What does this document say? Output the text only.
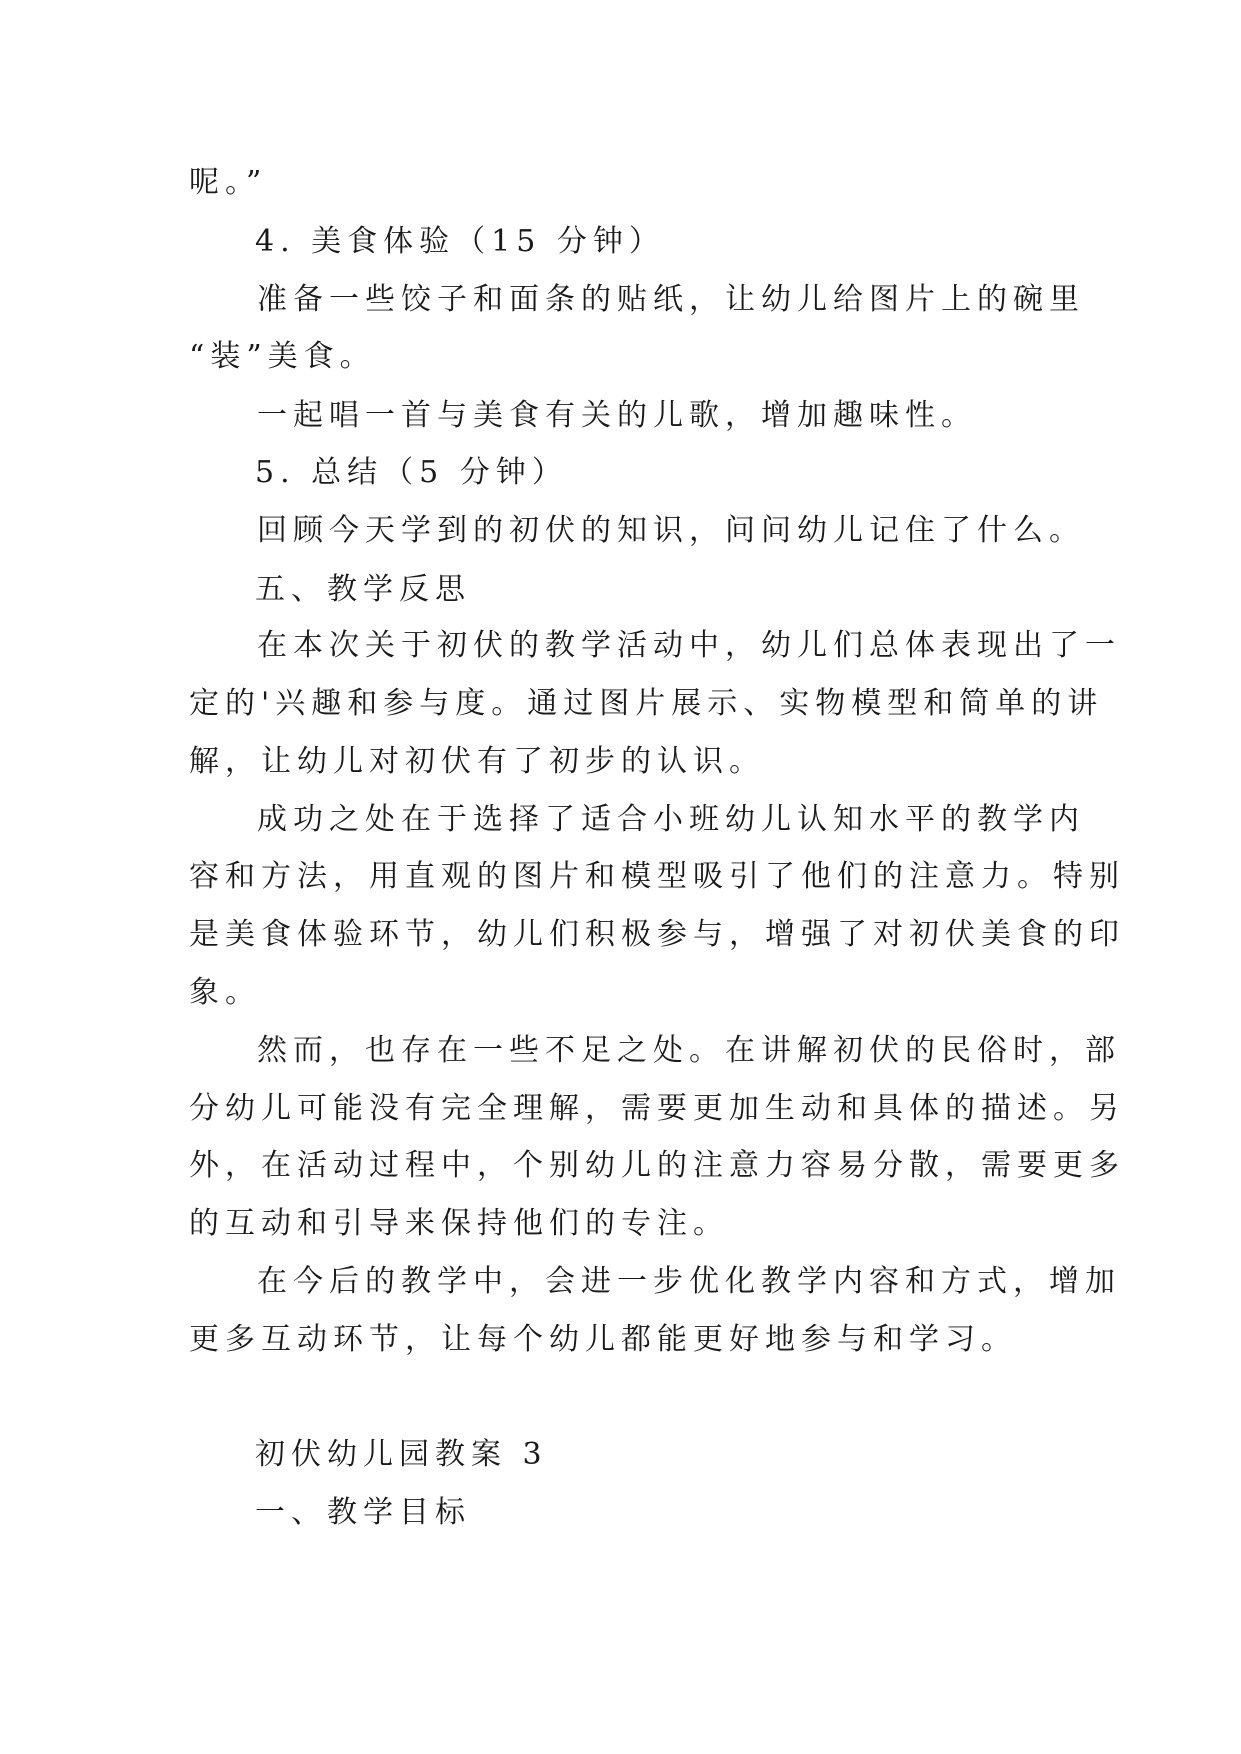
呢。”
4. 美食体验（15 分钟）
准备一些饺子和面条的贴纸，让幼儿给图片上的碗里
“装”美食。
一起唱一首与美食有关的儿歌，增加趣味性。
5. 总结（5 分钟）
回顾今天学到的初伏的知识，问问幼儿记住了什么。
五、教学反思
在本次关于初伏的教学活动中，幼儿们总体表现出了一
定的'兴趣和参与度。通过图片展示、实物模型和简单的讲
解，让幼儿对初伏有了初步的认识。
成功之处在于选择了适合小班幼儿认知水平的教学内
容和方法，用直观的图片和模型吸引了他们的注意力。特别
是美食体验环节，幼儿们积极参与，增强了对初伏美食的印
象。
然而，也存在一些不足之处。在讲解初伏的民俗时，部
分幼儿可能没有完全理解，需要更加生动和具体的描述。另
外，在活动过程中，个别幼儿的注意力容易分散，需要更多
的互动和引导来保持他们的专注。
在今后的教学中，会进一步优化教学内容和方式，增加
更多互动环节，让每个幼儿都能更好地参与和学习。
初伏幼儿园教案 3
一、教学目标
